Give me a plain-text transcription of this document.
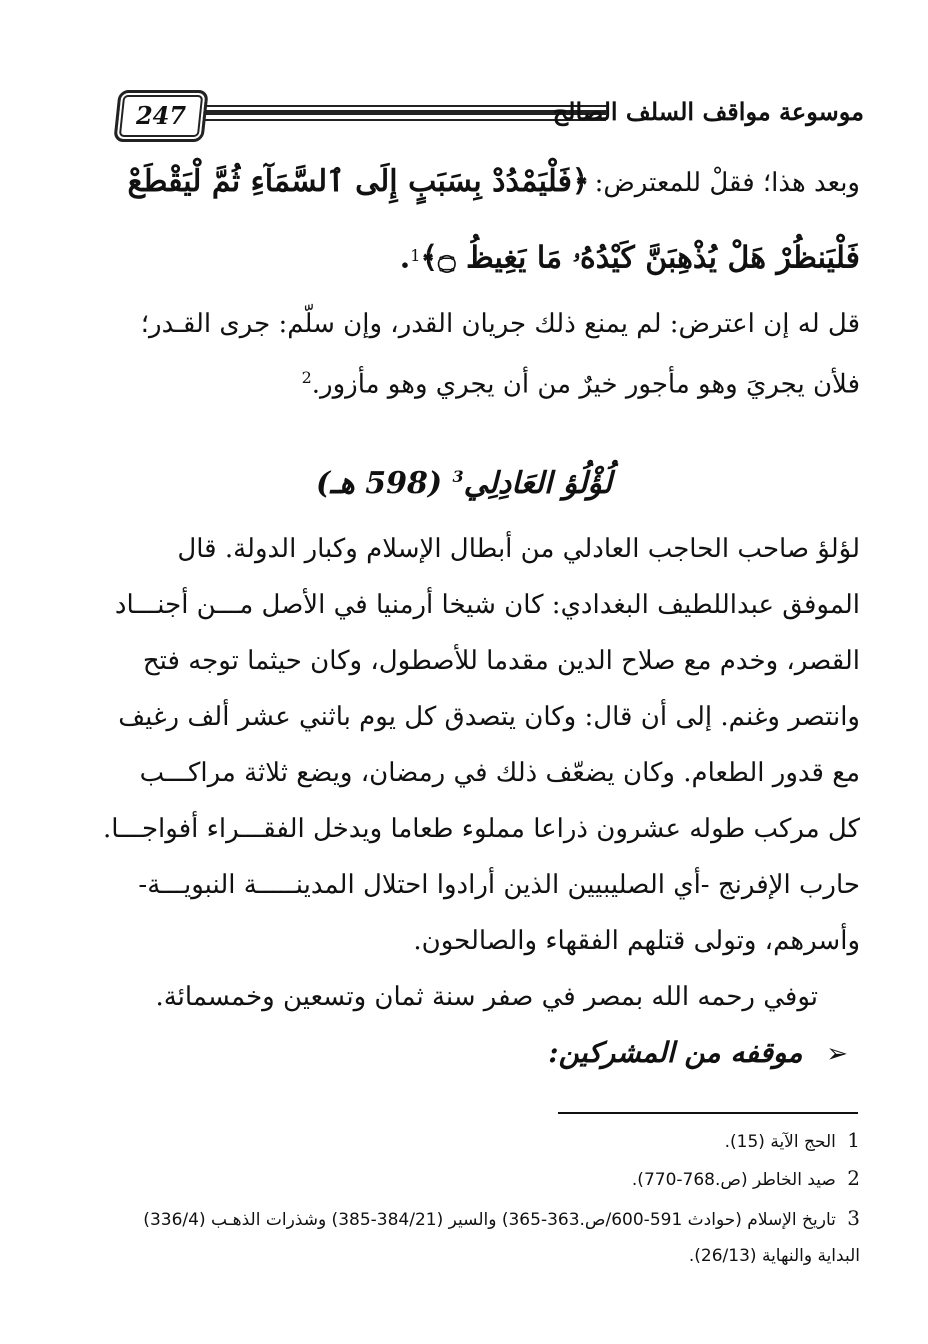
247	موسوعة مواقف السلف الصالح
وبعد هذا؛ فقلْ للمعترض: ﴿فَلْيَمْدُدْ بِسَبَبٍ إِلَى ٱلسَّمَآءِ ثُمَّ لْيَقْطَعْ
فَلْيَنظُرْ هَلْ يُذْهِبَنَّ كَيْدُهُۥ مَا يَغِيظُ ۝﴾$^1$.
قل له إن اعترض: لم يمنع ذلك جريان القدر، وإن سلّم: جرى القـدر؛
فلأن يجريَ وهو مأجور خيرٌ من أن يجري وهو مأزور.$^2$
لُؤْلُؤ العَادِلِي$^3$ (598 هـ)
لؤلؤ صاحب الحاجب العادلي من أبطال الإسلام وكبار الدولة. قال
الموفق عبداللطيف البغدادي: كان شيخا أرمنيا في الأصل مـــن أجنـــاد
القصر، وخدم مع صلاح الدين مقدما للأصطول، وكان حيثما توجه فتح
وانتصر وغنم. إلى أن قال: وكان يتصدق كل يوم باثني عشر ألف رغيف
مع قدور الطعام. وكان يضعّف ذلك في رمضان، ويضع ثلاثة مراكـــب
كل مركب طوله عشرون ذراعا مملوء طعاما ويدخل الفقـــراء أفواجـــا.
حارب الإفرنج -أي الصليبيين الذين أرادوا احتلال المدينـــــة النبويـــة-
وأسرهم، وتولى قتلهم الفقهاء والصالحون.
توفي رحمه الله بمصر في صفر سنة ثمان وتسعين وخمسمائة.
➢ موقفه من المشركين:
1 الحج الآية (15).
2 صيد الخاطر (ص.768-770).
3 تاريخ الإسلام (حوادث 591-600/ص.363-365) والسير (384/21-385) وشذرات الذهـب (336/4)
البداية والنهاية (26/13).
